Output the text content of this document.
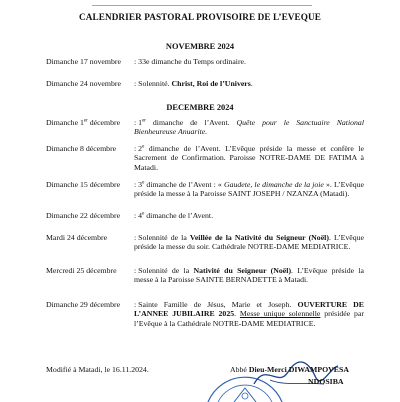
CALENDRIER PASTORAL PROVISOIRE DE L’EVEQUE
NOVEMBRE 2024
Dimanche 17 novembre	: 33e dimanche du Temps ordinaire.
Dimanche 24 novembre	: Solennité. Christ, Roi de l’Univers.
DECEMBRE 2024
Dimanche 1er décembre	: 1er dimanche de l’Avent. Quête pour le Sanctuaire National Bienheureuse Anuarite.
Dimanche 8 décembre	: 2e dimanche de l’Avent. L’Evêque préside la messe et confère le Sacrement de Confirmation. Paroisse NOTRE-DAME DE FATIMA à Matadi.
Dimanche 15 décembre	: 3e dimanche de l’Avent : « Gaudete, le dimanche de la joie ». L’Evêque préside la messe à la Paroisse SAINT JOSEPH / NZANZA (Matadi).
Dimanche 22 décembre	: 4e dimanche de l’Avent.
Mardi 24 décembre	: Solennité de la Veillée de la Nativité du Seigneur (Noël). L’Evêque préside la messe du soir. Cathédrale NOTRE-DAME MEDIATRICE.
Mercredi 25 décembre	: Solennité de la Nativité du Seigneur (Noël). L’Evêque préside la messe à la Paroisse SAINTE BERNADETTE à Matadi.
Dimanche 29 décembre	: Sainte Famille de Jésus, Marie et Joseph. OUVERTURE DE L’ANNEE JUBILAIRE 2025. Messe unique solennelle présidée par l’Evêque à la Cathédrale NOTRE-DAME MEDIATRICE.
Modifié à Matadi, le 16.11.2024.	Abbé Dieu-Merci DIWAMPOVESA
NDOSIBA
